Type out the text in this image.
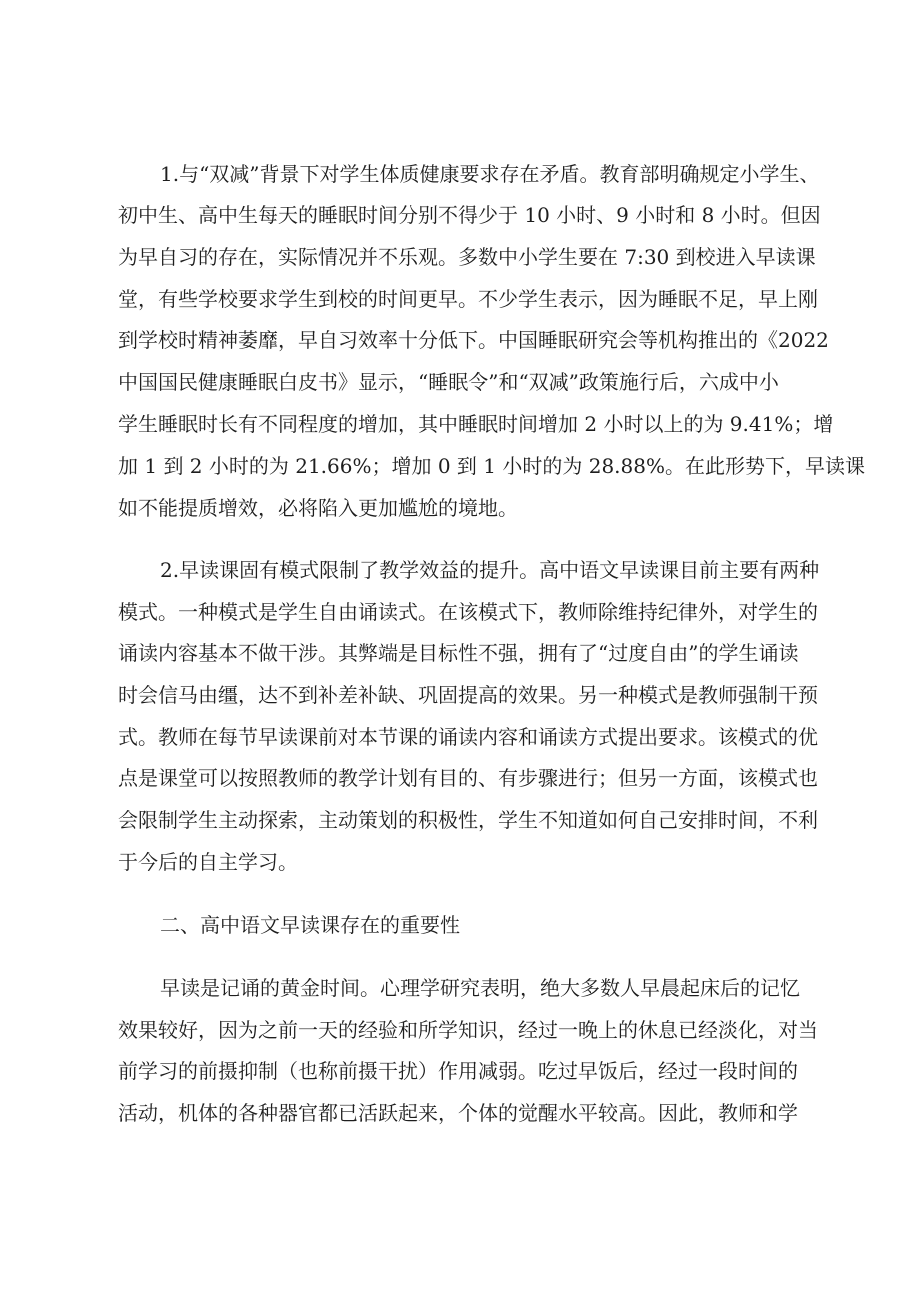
1.与“双减”背景下对学生体质健康要求存在矛盾。教育部明确规定小学生、

初中生、高中生每天的睡眠时间分别不得少于 10 小时、9 小时和 8 小时。但因

为早自习的存在，实际情况并不乐观。多数中小学生要在 7:30 到校进入早读课

堂，有些学校要求学生到校的时间更早。不少学生表示，因为睡眠不足，早上刚

到学校时精神萎靡，早自习效率十分低下。中国睡眠研究会等机构推出的《2022

中国国民健康睡眠白皮书》显示，“睡眠令”和“双减”政策施行后，六成中小

学生睡眠时长有不同程度的增加，其中睡眠时间增加 2 小时以上的为 9.41%；增

加 1 到 2 小时的为 21.66%；增加 0 到 1 小时的为 28.88%。在此形势下，早读课

如不能提质增效，必将陷入更加尴尬的境地。

2.早读课固有模式限制了教学效益的提升。高中语文早读课目前主要有两种

模式。一种模式是学生自由诵读式。在该模式下，教师除维持纪律外，对学生的

诵读内容基本不做干涉。其弊端是目标性不强，拥有了“过度自由”的学生诵读

时会信马由缰，达不到补差补缺、巩固提高的效果。另一种模式是教师强制干预

式。教师在每节早读课前对本节课的诵读内容和诵读方式提出要求。该模式的优

点是课堂可以按照教师的教学计划有目的、有步骤进行；但另一方面，该模式也

会限制学生主动探索，主动策划的积极性，学生不知道如何自己安排时间，不利

于今后的自主学习。

二、高中语文早读课存在的重要性

早读是记诵的黄金时间。心理学研究表明，绝大多数人早晨起床后的记忆

效果较好，因为之前一天的经验和所学知识，经过一晚上的休息已经淡化，对当

前学习的前摄抑制（也称前摄干扰）作用减弱。吃过早饭后，经过一段时间的

活动，机体的各种器官都已活跃起来，个体的觉醒水平较高。因此，教师和学
